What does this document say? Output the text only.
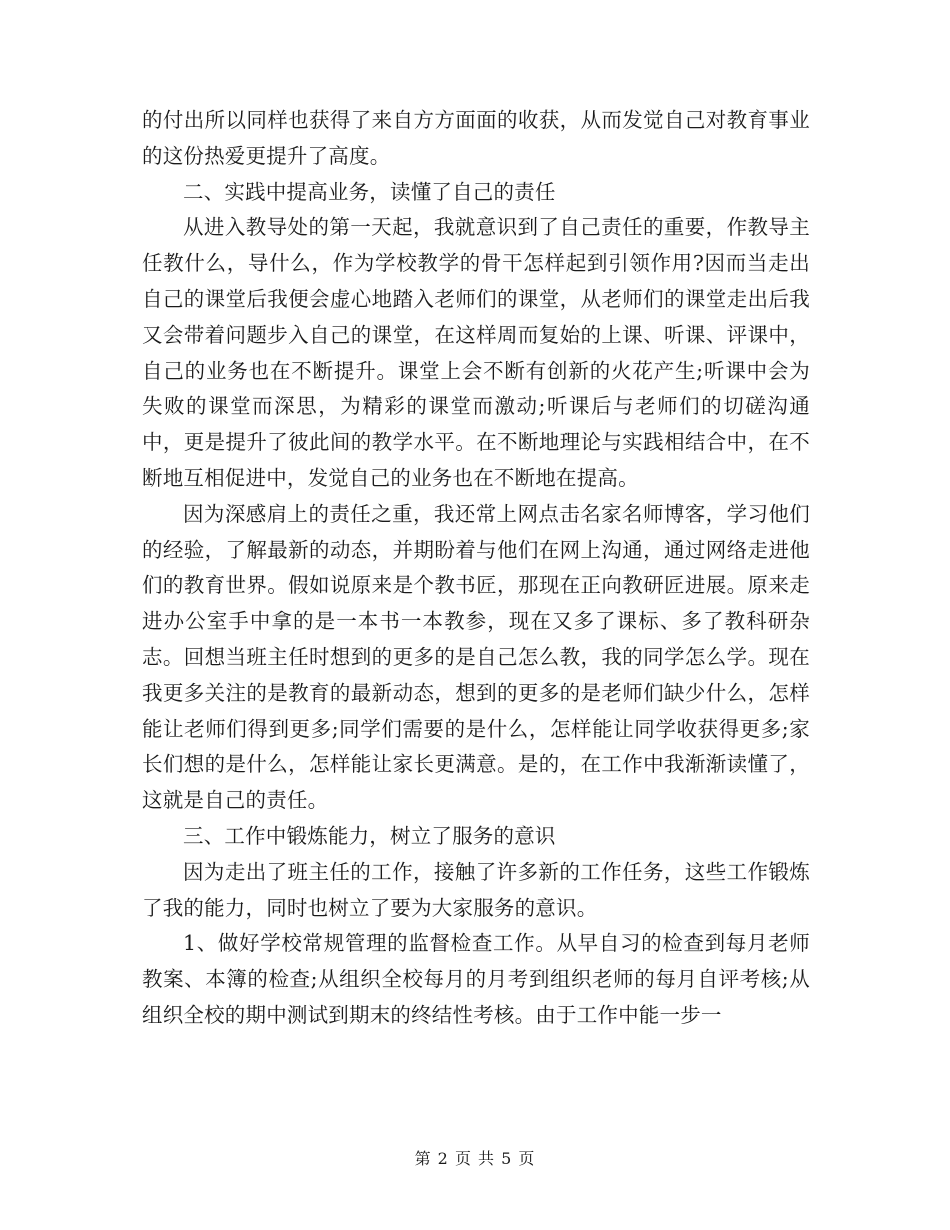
的付出所以同样也获得了来自方方面面的收获，从而发觉自己对教育事业的这份热爱更提升了高度。

二、实践中提高业务，读懂了自己的责任

从进入教导处的第一天起，我就意识到了自己责任的重要，作教导主任教什么，导什么，作为学校教学的骨干怎样起到引领作用?因而当走出自己的课堂后我便会虚心地踏入老师们的课堂，从老师们的课堂走出后我又会带着问题步入自己的课堂，在这样周而复始的上课、听课、评课中，自己的业务也在不断提升。课堂上会不断有创新的火花产生;听课中会为失败的课堂而深思，为精彩的课堂而激动;听课后与老师们的切磋沟通中，更是提升了彼此间的教学水平。在不断地理论与实践相结合中，在不断地互相促进中，发觉自己的业务也在不断地在提高。

因为深感肩上的责任之重，我还常上网点击名家名师博客，学习他们的经验，了解最新的动态，并期盼着与他们在网上沟通，通过网络走进他们的教育世界。假如说原来是个教书匠，那现在正向教研匠进展。原来走进办公室手中拿的是一本书一本教参，现在又多了课标、多了教科研杂志。回想当班主任时想到的更多的是自己怎么教，我的同学怎么学。现在我更多关注的是教育的最新动态，想到的更多的是老师们缺少什么，怎样能让老师们得到更多;同学们需要的是什么，怎样能让同学收获得更多;家长们想的是什么，怎样能让家长更满意。是的，在工作中我渐渐读懂了，这就是自己的责任。

三、工作中锻炼能力，树立了服务的意识

因为走出了班主任的工作，接触了许多新的工作任务，这些工作锻炼了我的能力，同时也树立了要为大家服务的意识。

1、做好学校常规管理的监督检查工作。从早自习的检查到每月老师教案、本簿的检查;从组织全校每月的月考到组织老师的每月自评考核;从组织全校的期中测试到期末的终结性考核。由于工作中能一步一

第 2 页 共 5 页
